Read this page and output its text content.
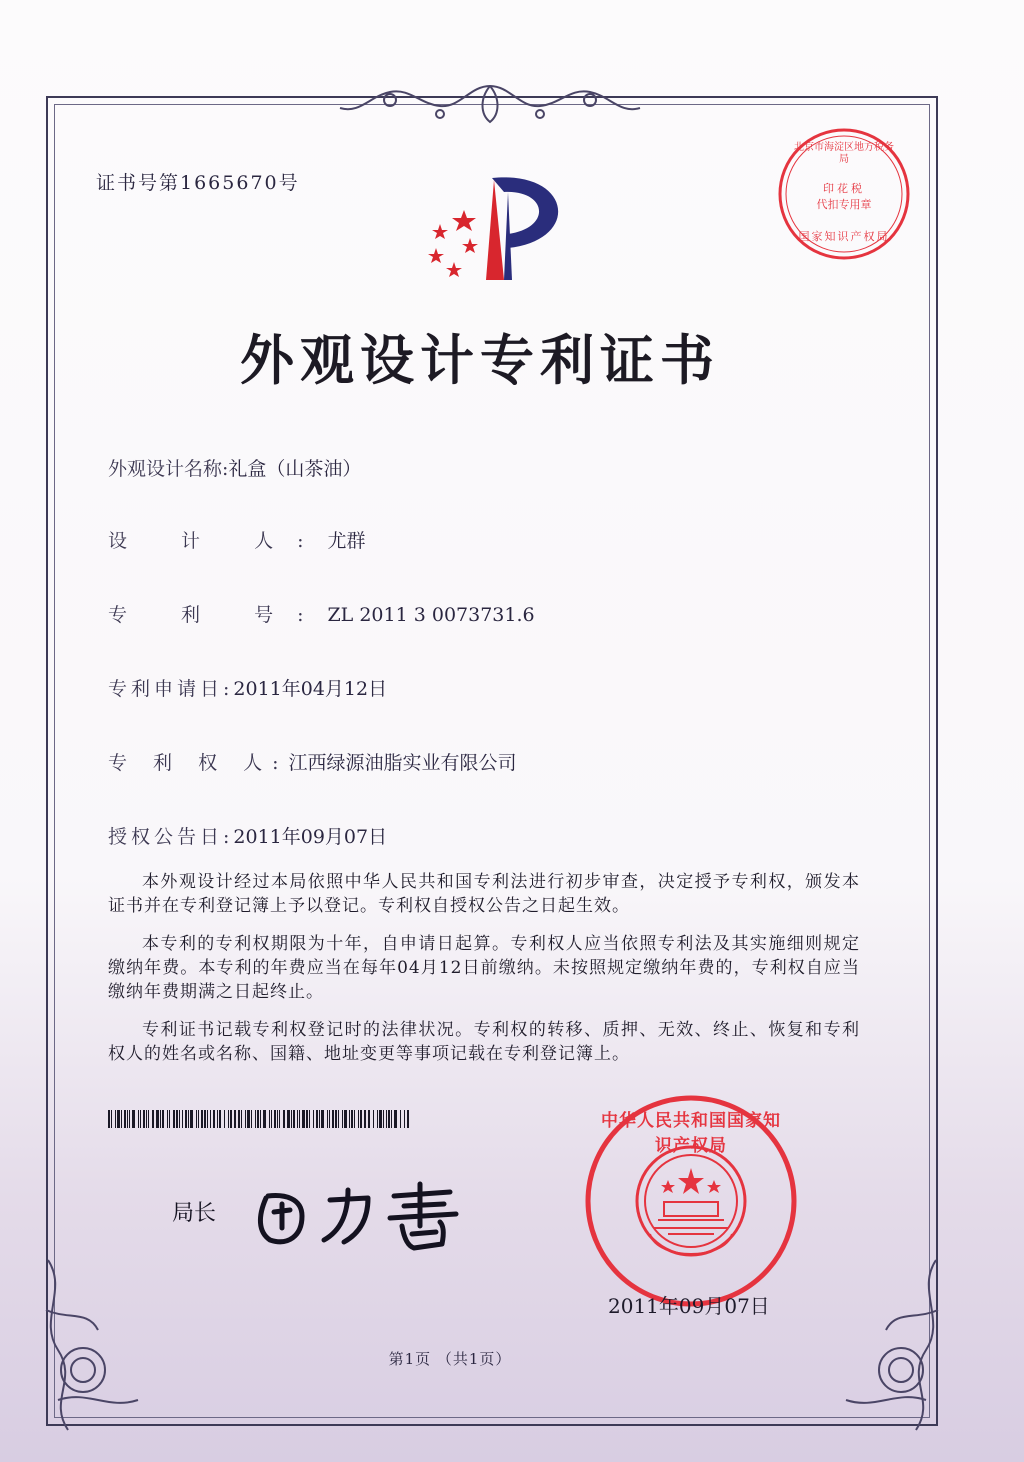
证书号第1665670号
北京市海淀区地方税务局
印花税
代扣专用章
国家知识产权局
外观设计专利证书
外观设计名称:礼盒（山茶油）
设 计 人:尤群
专 利 号:ZL 2011 3 0073731.6
专利申请日:2011年04月12日
专 利 权 人:江西绿源油脂实业有限公司
授权公告日:2011年09月07日
本外观设计经过本局依照中华人民共和国专利法进行初步审查，决定授予专利权，颁发本证书并在专利登记簿上予以登记。专利权自授权公告之日起生效。
本专利的专利权期限为十年，自申请日起算。专利权人应当依照专利法及其实施细则规定缴纳年费。本专利的年费应当在每年04月12日前缴纳。未按照规定缴纳年费的，专利权自应当缴纳年费期满之日起终止。
专利证书记载专利权登记时的法律状况。专利权的转移、质押、无效、终止、恢复和专利权人的姓名或名称、国籍、地址变更等事项记载在专利登记簿上。
局长
中华人民共和国国家知识产权局
2011年09月07日
第1页 （共1页）
